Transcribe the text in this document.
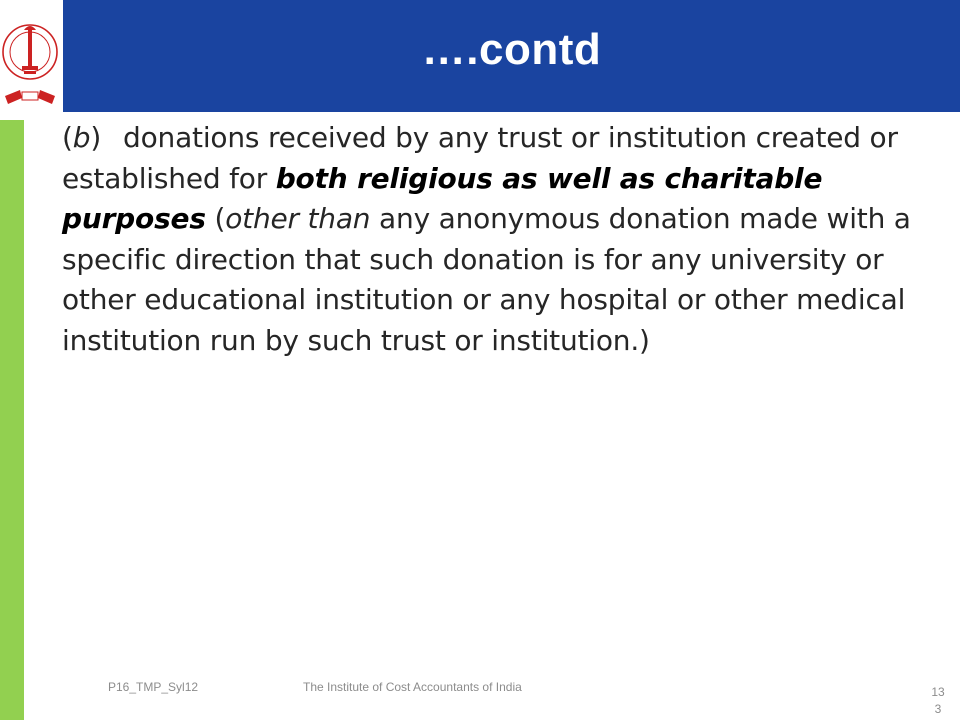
….contd

(b) donations received by any trust or institution created or established for both religious as well as charitable purposes (other than any anonymous donation made with a specific direction that such donation is for any university or other educational institution or any hospital or other medical institution run by such trust or institution.)

P16_TMP_Syl12	The Institute of Cost Accountants of India	133
